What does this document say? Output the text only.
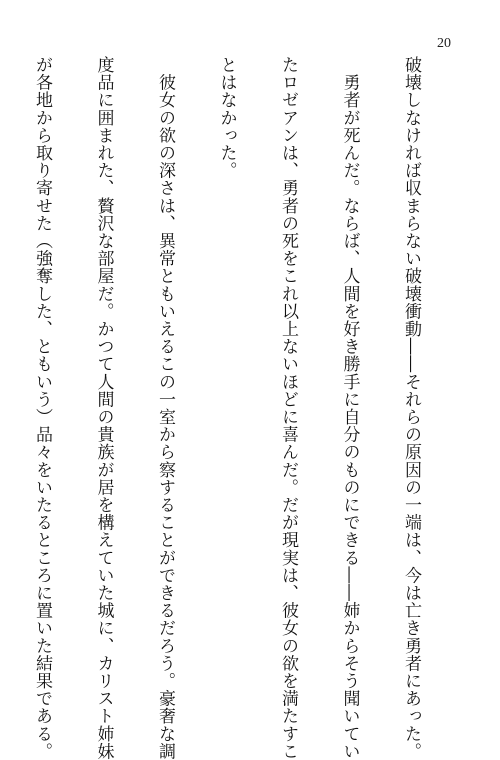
20

破壊しなければ収まらない破壊衝動――それらの原因の一端は、今は亡き勇者にあった。

　勇者が死んだ。ならば、人間を好き勝手に自分のものにできる――姉からそう聞いてい

たロゼアンは、勇者の死をこれ以上ないほどに喜んだ。だが現実は、彼女の欲を満たすこ

とはなかった。

　彼女の欲の深さは、異常ともいえるこの一室から察することができるだろう。豪奢な調

度品に囲まれた、贅沢な部屋だ。かつて人間の貴族が居を構えていた城に、カリスト姉妹

が各地から取り寄せた（強奪した、ともいう）品々をいたるところに置いた結果である。
